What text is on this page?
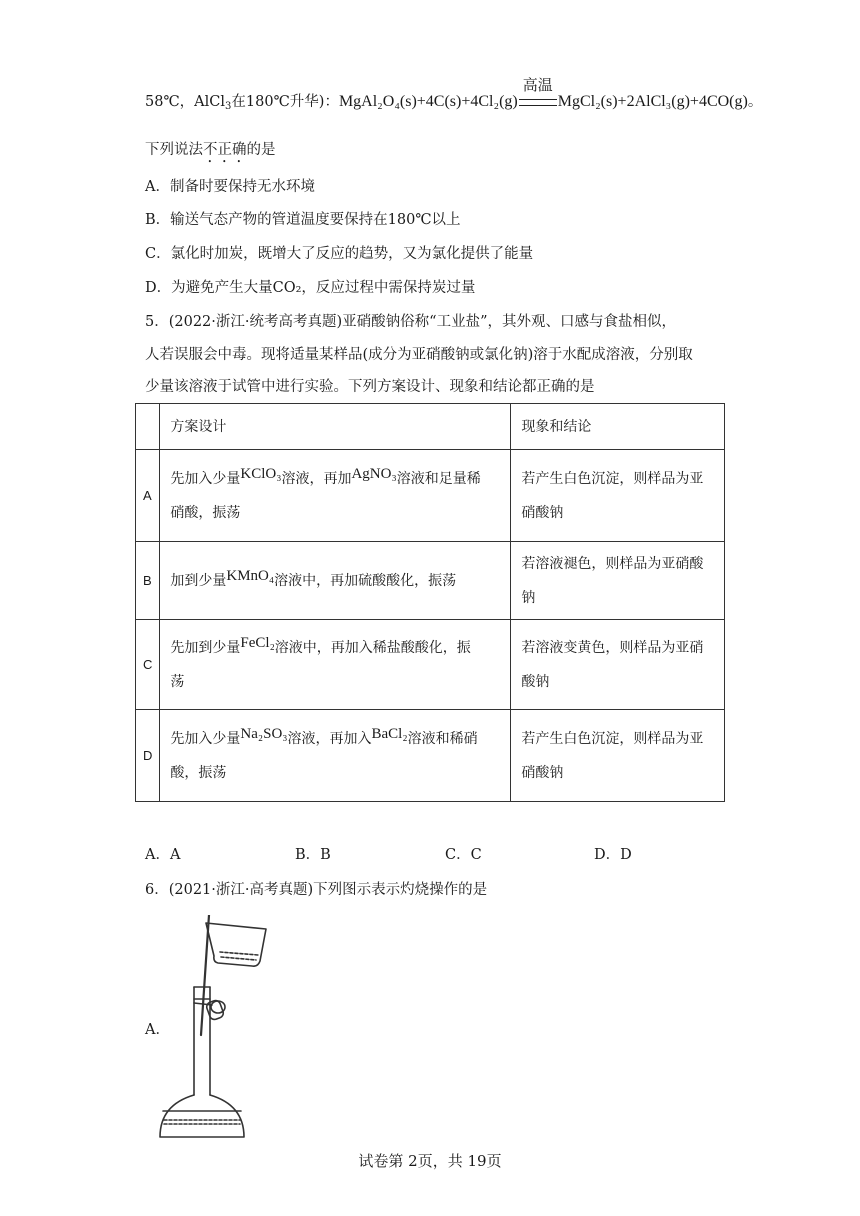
58℃，AlCl$_3$在180℃升华)：MgAl₂O₄(s)+4C(s)+4Cl₂(g)
高温
MgCl₂(s)+2AlCl₃(g)+4CO(g)。
下列说法不正确的是
A．制备时要保持无水环境
B．输送气态产物的管道温度要保持在180℃以上
C．氯化时加炭，既增大了反应的趋势，又为氯化提供了能量
D．为避免产生大量CO₂，反应过程中需保持炭过量
5．(2022·浙江·统考高考真题)亚硝酸钠俗称“工业盐”，其外观、口感与食盐相似，
人若误服会中毒。现将适量某样品(成分为亚硝酸钠或氯化钠)溶于水配成溶液，分别取
少量该溶液于试管中进行实验。下列方案设计、现象和结论都正确的是
	方案设计	现象和结论
A	先加入少量KClO₃溶液，再加AgNO₃溶液和足量稀
硝酸，振荡	若产生白色沉淀，则样品为亚
硝酸钠
B	加到少量KMnO₄溶液中，再加硫酸酸化，振荡	若溶液褪色，则样品为亚硝酸
钠
C	先加到少量FeCl₂溶液中，再加入稀盐酸酸化，振
荡	若溶液变黄色，则样品为亚硝
酸钠
D	先加入少量Na₂SO₃溶液，再加入BaCl₂溶液和稀硝
酸，振荡	若产生白色沉淀，则样品为亚
硝酸钠
A．A	B．B	C．C	D．D
6．(2021·浙江·高考真题)下列图示表示灼烧操作的是
A．
试卷第 2页，共 19页
